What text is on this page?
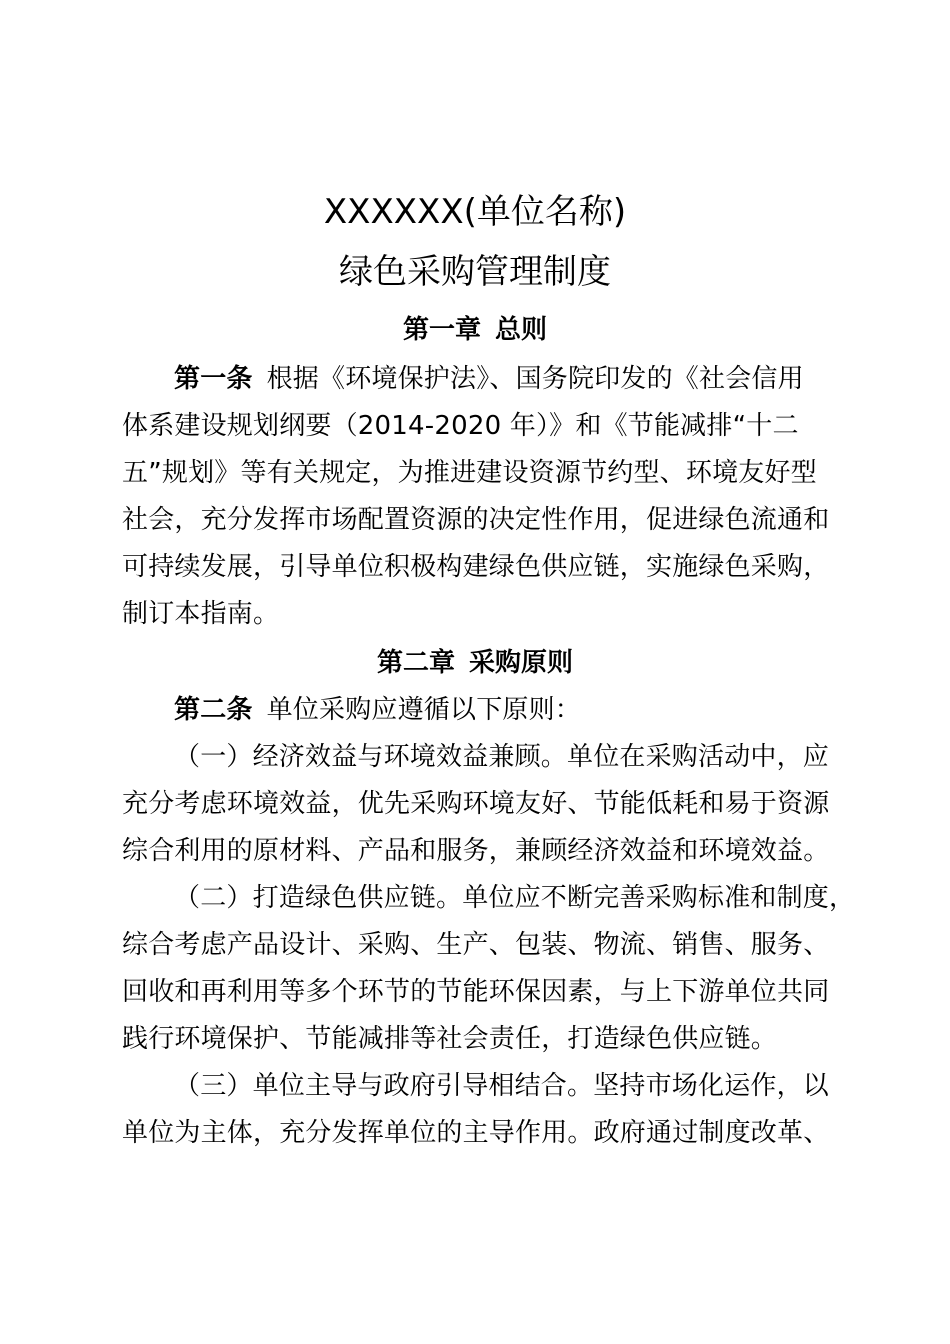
XXXXXX(单位名称)
绿色采购管理制度
第一章 总则
第一条 根据《环境保护法》、国务院印发的《社会信用
体系建设规划纲要（2014-2020 年）》和《节能减排“十二
五”规划》等有关规定，为推进建设资源节约型、环境友好型
社会，充分发挥市场配置资源的决定性作用，促进绿色流通和
可持续发展，引导单位积极构建绿色供应链，实施绿色采购，
制订本指南。
第二章 采购原则
第二条 单位采购应遵循以下原则：
（一）经济效益与环境效益兼顾。单位在采购活动中，应
充分考虑环境效益，优先采购环境友好、节能低耗和易于资源
综合利用的原材料、产品和服务，兼顾经济效益和环境效益。
（二）打造绿色供应链。单位应不断完善采购标准和制度，
综合考虑产品设计、采购、生产、包装、物流、销售、服务、
回收和再利用等多个环节的节能环保因素，与上下游单位共同
践行环境保护、节能减排等社会责任，打造绿色供应链。
（三）单位主导与政府引导相结合。坚持市场化运作，以
单位为主体，充分发挥单位的主导作用。政府通过制度改革、
